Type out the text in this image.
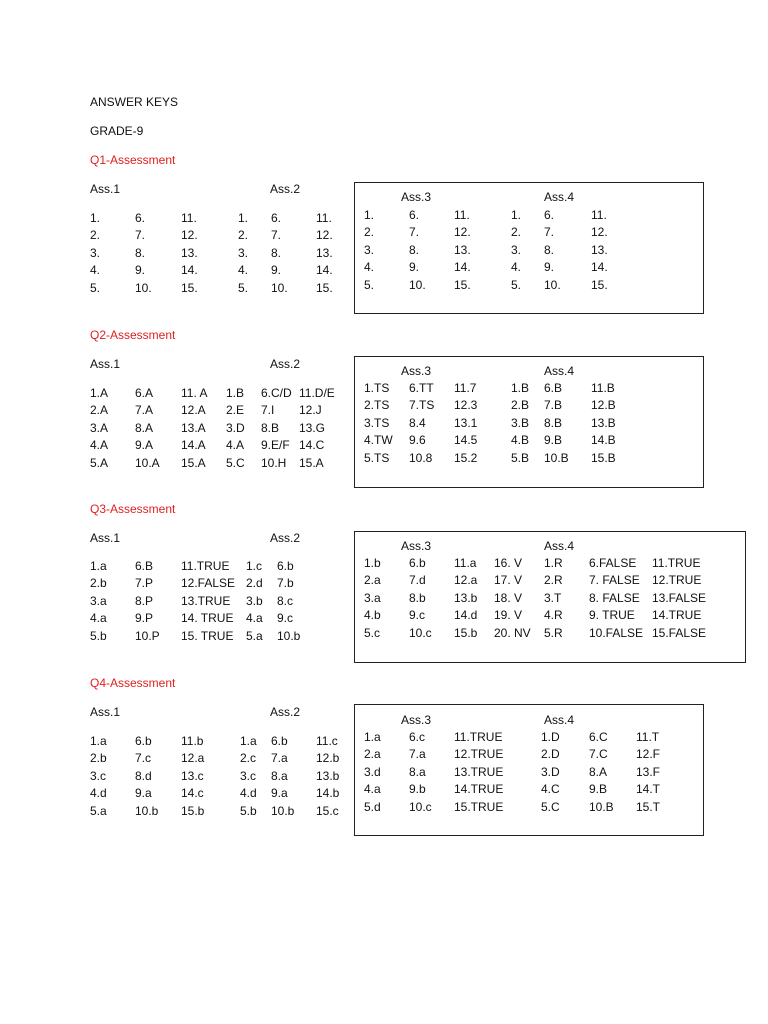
ANSWER KEYS
GRADE-9
Q1-Assessment
Ass.1	Ass.2
1.	6.	11.	1. 6.	11.
2.	7.	12.	2. 7.	12.
3.	8.	13.	3. 8.	13.
4.	9.	14.	4. 9.	14.
5.	10. 15.	5. 10. 15.
Ass.3	Ass.4
1.	6.	11.	1. 6.	11.
2.	7.	12.	2. 7.	12.
3.	8.	13.	3. 8.	13.
4.	9.	14.	4. 9.	14.
5.	10. 15.	5. 10.	15.
Q2-Assessment
Ass.1	Ass.2
1.A 6.A 11. A 1.B 6.C/D 11.D/E
2.A 7.A 12.A 2.E 7.I 12.J
3.A 8.A 13.A 3.D 8.B 13.G
4.A 9.A 14.A 4.A 9.E/F 14.C
5.A 10.A 15.A 5.C 10.H 15.A
Ass.3	Ass.4
1.TS 6.TT 11.7	1.B 6.B 11.B
2.TS 7.TS 12.3	2.B 7.B 12.B
3.TS 8.4 13.1	3.B 8.B 13.B
4.TW 9.6 14.5	4.B 9.B 14.B
5.TS 10.8 15.2	5.B 10.B 15.B
Q3-Assessment
Ass.1	Ass.2
1.a 6.B 11.TRUE 1.c 6.b
2.b 7.P 12.FALSE 2.d 7.b
3.a 8.P 13.TRUE 3.b 8.c
4.a 9.P 14. TRUE 4.a 9.c
5.b 10.P 15. TRUE 5.a 10.b
Ass.3	Ass.4
1.b 6.b 11.a 16. V 1.R 6.FALSE 11.TRUE
2.a 7.d 12.a 17. V 2.R 7. FALSE 12.TRUE
3.a 8.b 13.b 18. V 3.T 8. FALSE 13.FALSE
4.b 9.c 14.d 19. V 4.R 9. TRUE 14.TRUE
5.c 10.c 15.b 20. NV 5.R 10.FALSE 15.FALSE
Q4-Assessment
Ass.1	Ass.2
1.a 6.b 11.b	1.a 6.b 11.c
2.b 7.c 12.a	2.c 7.a 12.b
3.c 8.d 13.c	3.c 8.a 13.b
4.d 9.a 14.c	4.d 9.a 14.b
5.a 10.b 15.b	5.b 10.b 15.c
Ass.3	Ass.4
1.a 6.c 11.TRUE	1.D 6.C 11.T
2.a 7.a 12.TRUE	2.D 7.C 12.F
3.d 8.a 13.TRUE	3.D 8.A 13.F
4.a 9.b 14.TRUE	4.C 9.B 14.T
5.d 10.c 15.TRUE	5.C 10.B 15.T
